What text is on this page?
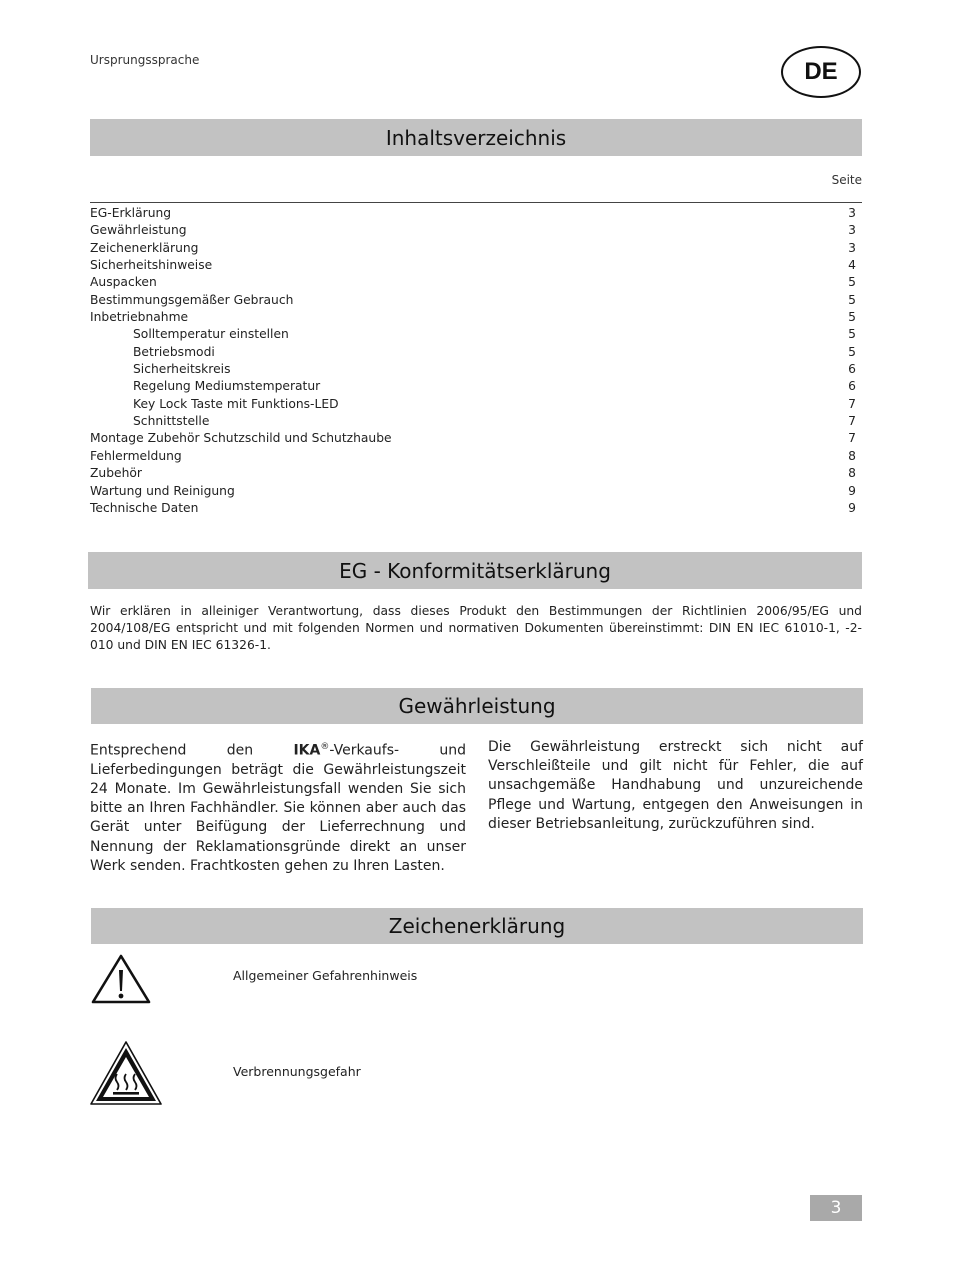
Ursprungssprache	DE
Inhaltsverzeichnis
Seite
EG-Erklärung	3
Gewährleistung	3
Zeichenerklärung	3
Sicherheitshinweise	4
Auspacken	5
Bestimmungsgemäßer Gebrauch	5
Inbetriebnahme	5
Solltemperatur einstellen	5
Betriebsmodi	5
Sicherheitskreis	6
Regelung Mediumstemperatur	6
Key Lock Taste mit Funktions-LED	7
Schnittstelle	7
Montage Zubehör Schutzschild und Schutzhaube	7
Fehlermeldung	8
Zubehör	8
Wartung und Reinigung	9
Technische Daten	9
EG - Konformitätserklärung
Wir erklären in alleiniger Verantwortung, dass dieses Produkt den Bestimmungen der Richtlinien 2006/95/EG und 2004/108/EG entspricht und mit folgenden Normen und normativen Dokumenten übereinstimmt: DIN EN IEC 61010-1, -2-010 und DIN EN IEC 61326-1.
Gewährleistung
Entsprechend den IKA®-Verkaufs- und Lieferbedingungen beträgt die Gewährleistungszeit 24 Monate. Im Gewährleistungsfall wenden Sie sich bitte an Ihren Fachhändler. Sie können aber auch das Gerät unter Beifügung der Lieferrechnung und Nennung der Reklamationsgründe direkt an unser Werk senden. Frachtkosten gehen zu Ihren Lasten.
Die Gewährleistung erstreckt sich nicht auf Verschleißteile und gilt nicht für Fehler, die auf unsachgemäße Handhabung und unzureichende Pflege und Wartung, entgegen den Anweisungen in dieser Betriebsanleitung, zurückzuführen sind.
Zeichenerklärung
Allgemeiner Gefahrenhinweis
Verbrennungsgefahr
3
